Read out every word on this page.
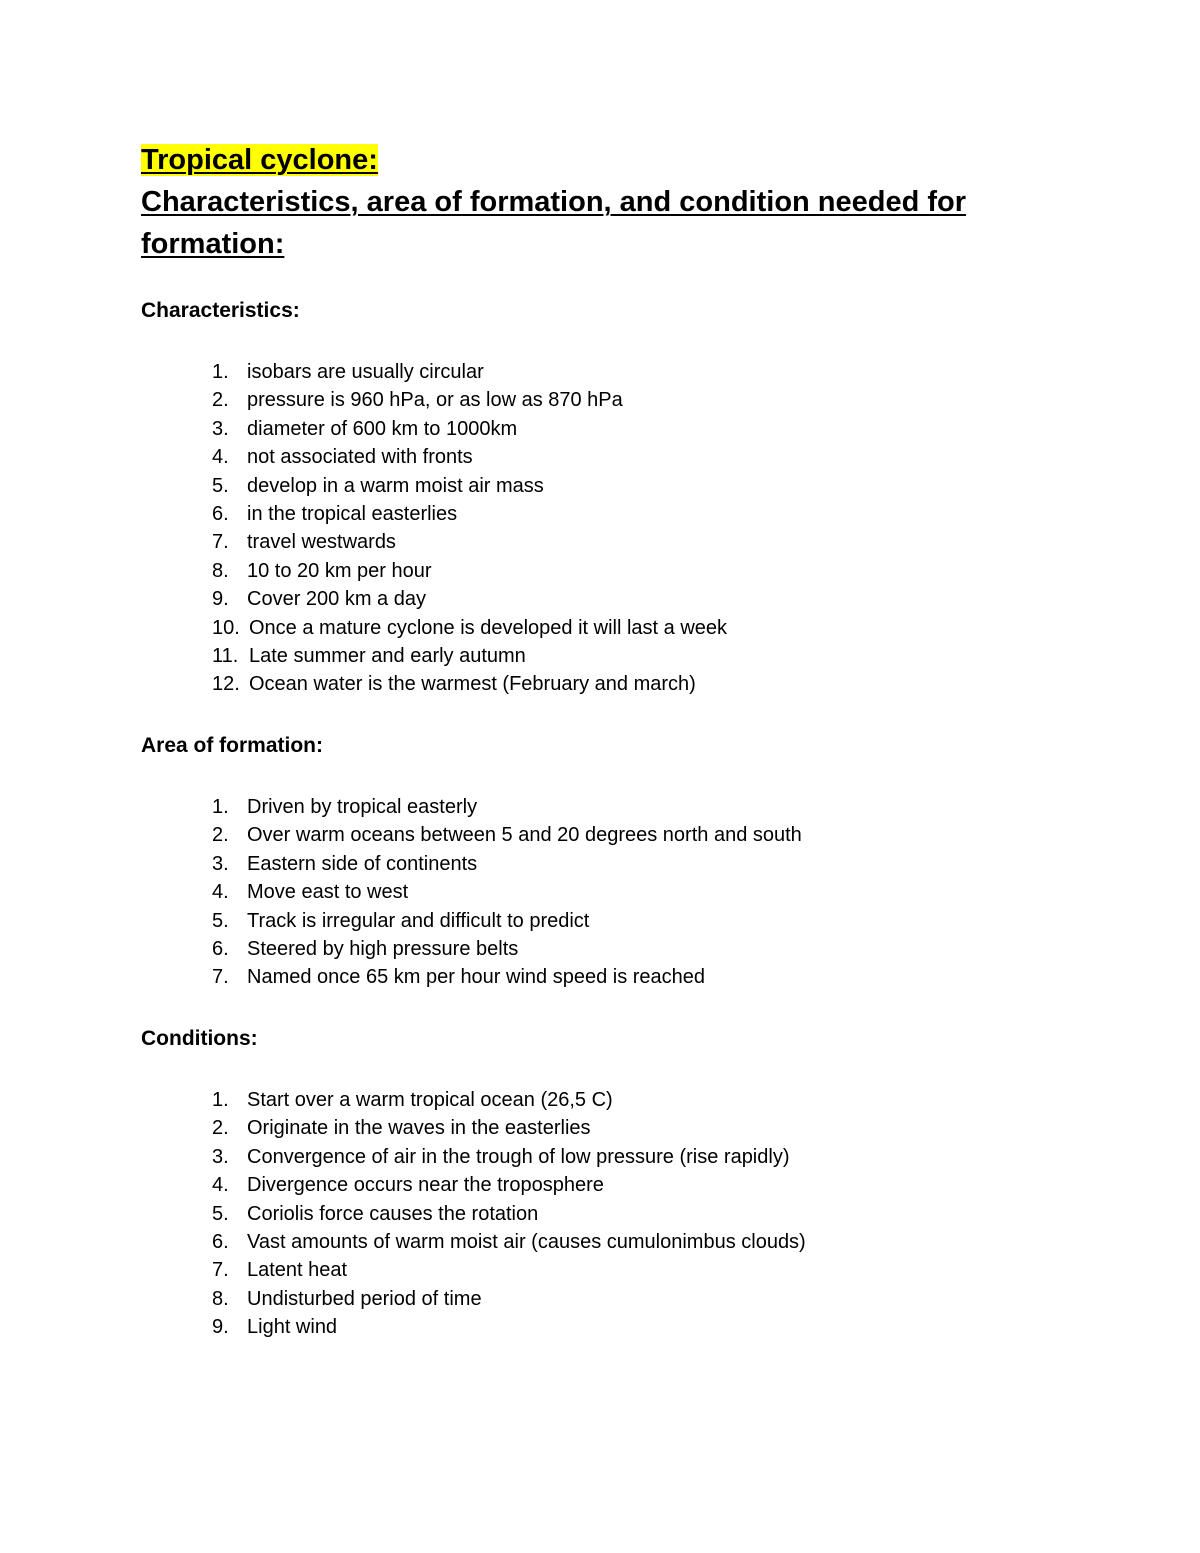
Tropical cyclone:
Characteristics, area of formation, and condition needed for formation:
Characteristics:
1. isobars are usually circular
2. pressure is 960 hPa, or as low as 870 hPa
3. diameter of 600 km to 1000km
4. not associated with fronts
5. develop in a warm moist air mass
6. in the tropical easterlies
7. travel westwards
8. 10 to 20 km per hour
9. Cover 200 km a day
10. Once a mature cyclone is developed it will last a week
11. Late summer and early autumn
12. Ocean water is the warmest (February and march)
Area of formation:
1. Driven by tropical easterly
2. Over warm oceans between 5 and 20 degrees north and south
3. Eastern side of continents
4. Move east to west
5. Track is irregular and difficult to predict
6. Steered by high pressure belts
7. Named once 65 km per hour wind speed is reached
Conditions:
1. Start over a warm tropical ocean (26,5 C)
2. Originate in the waves in the easterlies
3. Convergence of air in the trough of low pressure (rise rapidly)
4. Divergence occurs near the troposphere
5. Coriolis force causes the rotation
6. Vast amounts of warm moist air (causes cumulonimbus clouds)
7. Latent heat
8. Undisturbed period of time
9. Light wind
